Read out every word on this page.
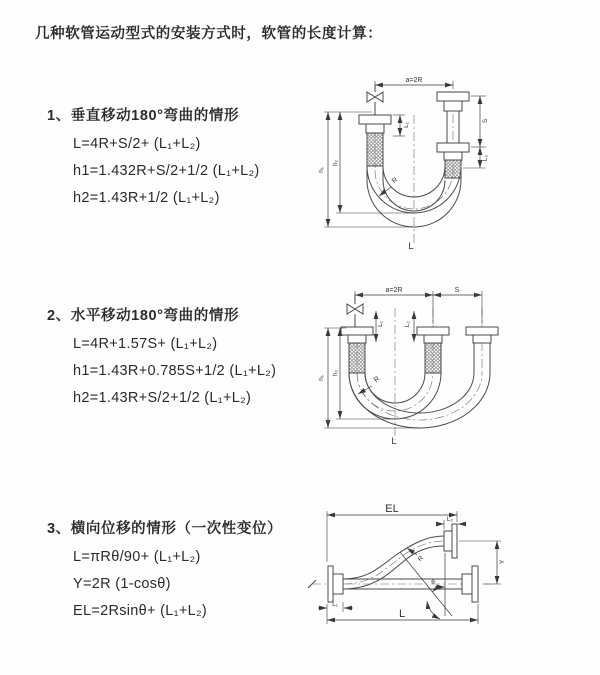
几种软管运动型式的安装方式时，软管的长度计算：
1、垂直移动180°弯曲的情形
L=4R+S/2+ (L₁+L₂)
h1=1.432R+S/2+1/2 (L₁+L₂)
h2=1.43R+1/2 (L₁+L₂)
2、水平移动180°弯曲的情形
L=4R+1.57S+ (L₁+L₂)
h1=1.43R+0.785S+1/2 (L₁+L₂)
h2=1.43R+S/2+1/2 (L₁+L₂)
3、横向位移的情形（一次性变位）
L=πRθ/90+ (L₁+L₂)
Y=2R (1-cosθ)
EL=2Rsinθ+ (L₁+L₂)
a=2R
h₁
h₂
L₁
S
L₂
R
L
a=2R	S
h₁
h₂
L₁	L₂
R
L
EL
L₂
Y
R
θ
L₁
L
